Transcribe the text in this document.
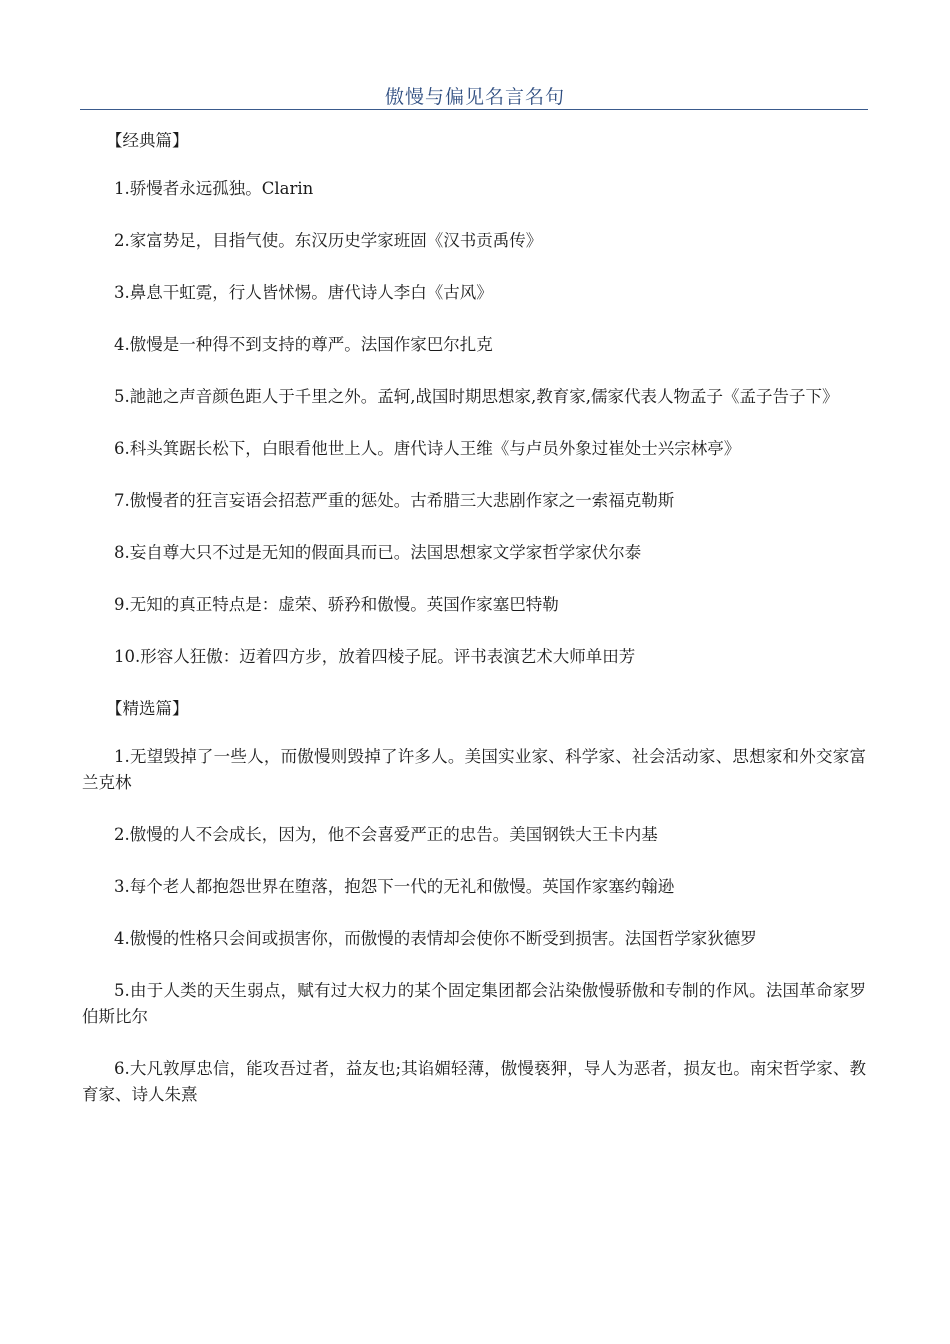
傲慢与偏见名言名句
【经典篇】

1.骄慢者永远孤独。Clarin

2.家富势足，目指气使。东汉历史学家班固《汉书贡禹传》

3.鼻息干虹霓，行人皆怵惕。唐代诗人李白《古风》

4.傲慢是一种得不到支持的尊严。法国作家巴尔扎克

5.訑訑之声音颜色距人于千里之外。孟轲,战国时期思想家,教育家,儒家代表人物孟子《孟子告子下》

6.科头箕踞长松下，白眼看他世上人。唐代诗人王维《与卢员外象过崔处士兴宗林亭》

7.傲慢者的狂言妄语会招惹严重的惩处。古希腊三大悲剧作家之一索福克勒斯

8.妄自尊大只不过是无知的假面具而已。法国思想家文学家哲学家伏尔泰

9.无知的真正特点是：虚荣、骄矜和傲慢。英国作家塞巴特勒

10.形容人狂傲：迈着四方步，放着四棱子屁。评书表演艺术大师单田芳

【精选篇】

1.无望毁掉了一些人，而傲慢则毁掉了许多人。美国实业家、科学家、社会活动家、思想家和外交家富兰克林

2.傲慢的人不会成长，因为，他不会喜爱严正的忠告。美国钢铁大王卡内基

3.每个老人都抱怨世界在堕落，抱怨下一代的无礼和傲慢。英国作家塞约翰逊

4.傲慢的性格只会间或损害你，而傲慢的表情却会使你不断受到损害。法国哲学家狄德罗

5.由于人类的天生弱点，赋有过大权力的某个固定集团都会沾染傲慢骄傲和专制的作风。法国革命家罗伯斯比尔

6.大凡敦厚忠信，能攻吾过者，益友也;其谄媚轻薄，傲慢亵狎，导人为恶者，损友也。南宋哲学家、教育家、诗人朱熹
